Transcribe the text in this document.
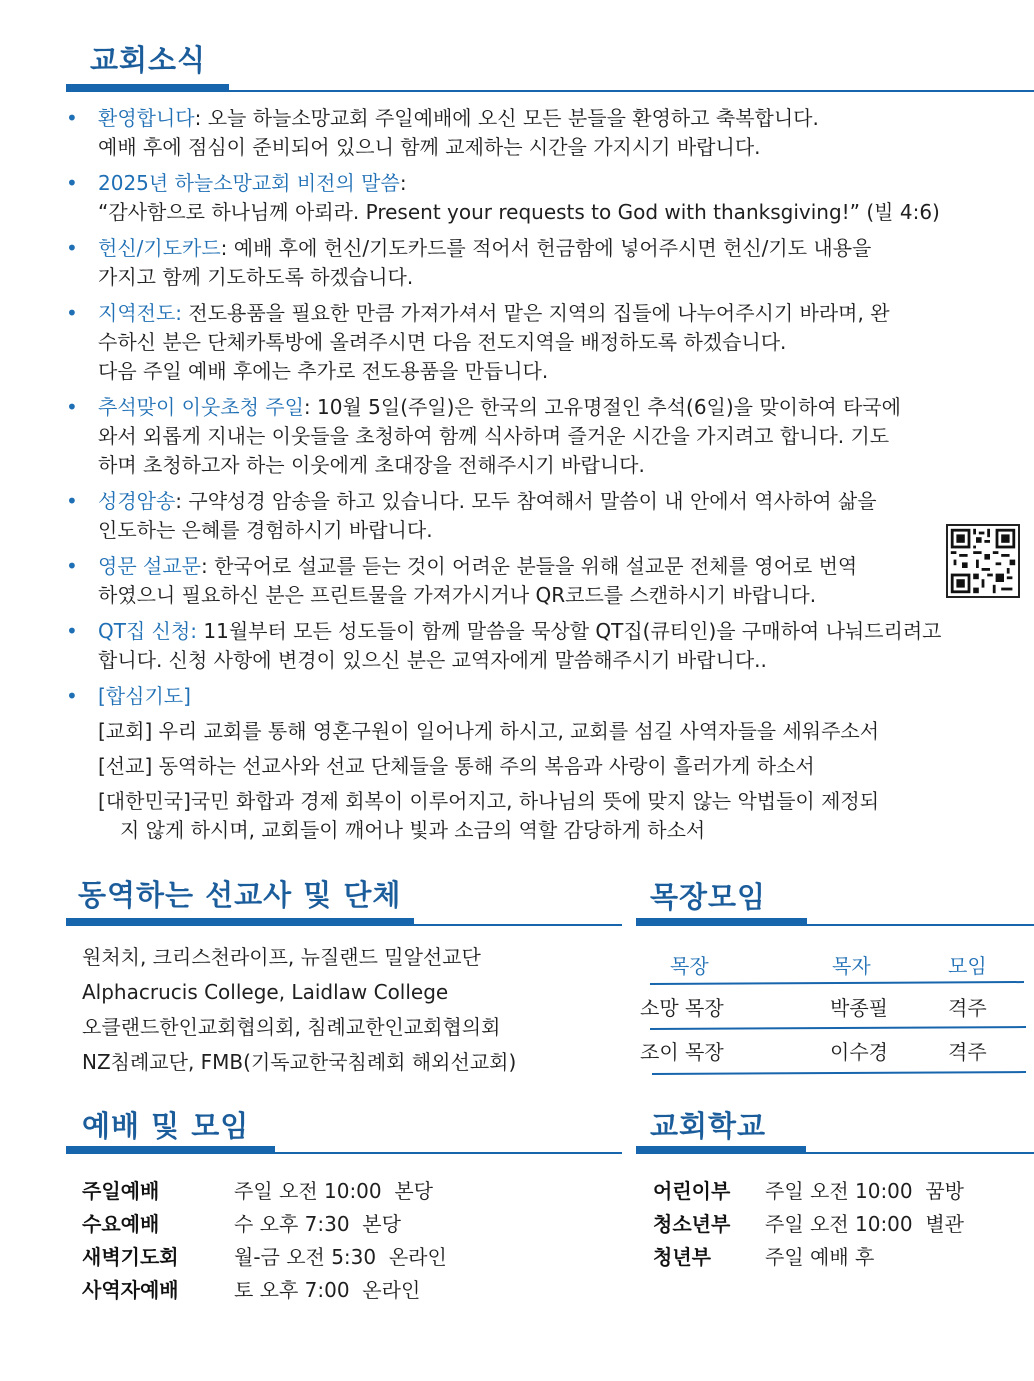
교회소식
• 환영합니다: 오늘 하늘소망교회 주일예배에 오신 모든 분들을 환영하고 축복합니다.
예배 후에 점심이 준비되어 있으니 함께 교제하는 시간을 가지시기 바랍니다.
• 2025년 하늘소망교회 비전의 말씀:
“감사함으로 하나님께 아뢰라. Present your requests to God with thanksgiving!” (빌 4:6)
• 헌신/기도카드: 예배 후에 헌신/기도카드를 적어서 헌금함에 넣어주시면 헌신/기도 내용을
가지고 함께 기도하도록 하겠습니다.
• 지역전도: 전도용품을 필요한 만큼 가져가셔서 맡은 지역의 집들에 나누어주시기 바라며, 완
수하신 분은 단체카톡방에 올려주시면 다음 전도지역을 배정하도록 하겠습니다.
다음 주일 예배 후에는 추가로 전도용품을 만듭니다.
• 추석맞이 이웃초청 주일: 10월 5일(주일)은 한국의 고유명절인 추석(6일)을 맞이하여 타국에
와서 외롭게 지내는 이웃들을 초청하여 함께 식사하며 즐거운 시간을 가지려고 합니다. 기도
하며 초청하고자 하는 이웃에게 초대장을 전해주시기 바랍니다.
• 성경암송: 구약성경 암송을 하고 있습니다. 모두 참여해서 말씀이 내 안에서 역사하여 삶을
인도하는 은혜를 경험하시기 바랍니다.
• 영문 설교문: 한국어로 설교를 듣는 것이 어려운 분들을 위해 설교문 전체를 영어로 번역
하였으니 필요하신 분은 프린트물을 가져가시거나 QR코드를 스캔하시기 바랍니다.
• QT집 신청: 11월부터 모든 성도들이 함께 말씀을 묵상할 QT집(큐티인)을 구매하여 나눠드리려고
합니다. 신청 사항에 변경이 있으신 분은 교역자에게 말씀해주시기 바랍니다..
• [합심기도]
[교회] 우리 교회를 통해 영혼구원이 일어나게 하시고, 교회를 섬길 사역자들을 세워주소서
[선교] 동역하는 선교사와 선교 단체들을 통해 주의 복음과 사랑이 흘러가게 하소서
[대한민국]국민 화합과 경제 회복이 이루어지고, 하나님의 뜻에 맞지 않는 악법들이 제정되
지 않게 하시며, 교회들이 깨어나 빛과 소금의 역할 감당하게 하소서
동역하는 선교사 및 단체
원처치, 크리스천라이프, 뉴질랜드 밀알선교단
Alphacrucis College, Laidlaw College
오클랜드한인교회협의회, 침례교한인교회협의회
NZ침례교단, FMB(기독교한국침례회 해외선교회)
목장모임
목장	목자	모임
소망 목장	박종필	격주
조이 목장	이수경	격주
예배 및 모임
주일예배	주일 오전 10:00  본당
수요예배	수 오후 7:30  본당
새벽기도회	월-금 오전 5:30  온라인
사역자예배	토 오후 7:00  온라인
교회학교
어린이부 주일 오전 10:00  꿈방
청소년부 주일 오전 10:00  별관
청년부	주일 예배 후
